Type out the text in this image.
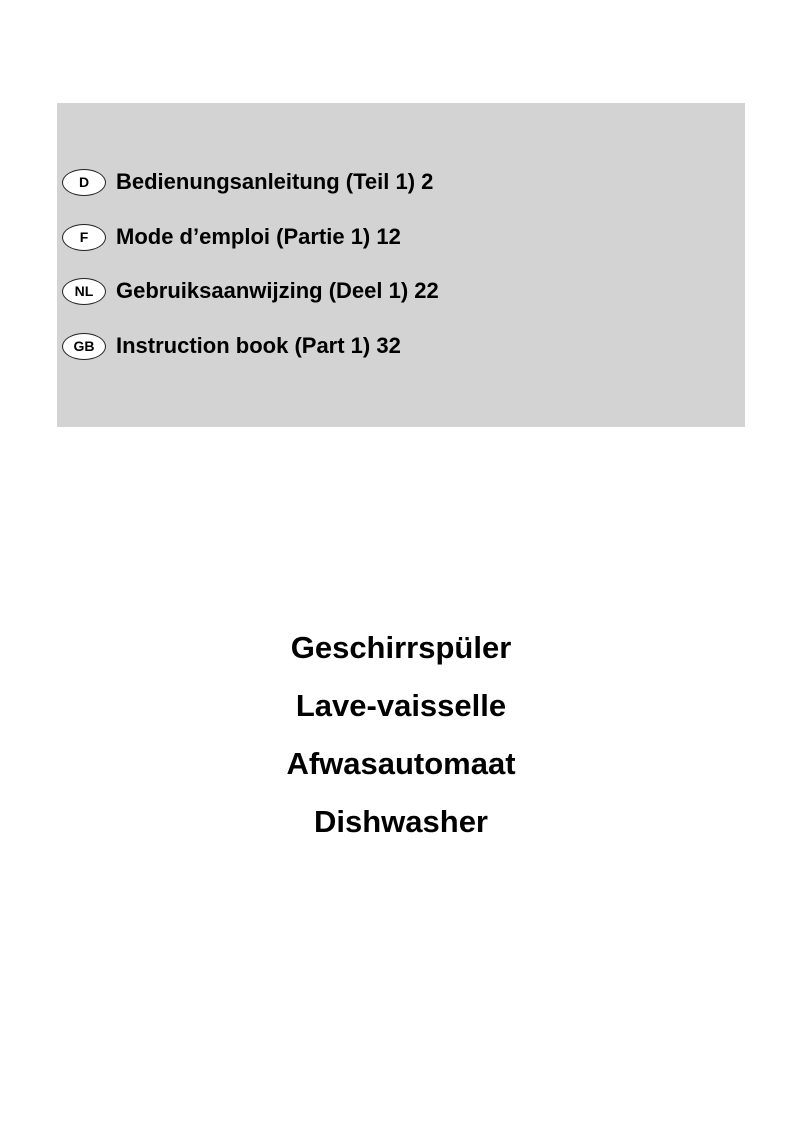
D	Bedienungsanleitung (Teil 1) 2
F	Mode d’emploi (Partie 1) 12
NL	Gebruiksaanwijzing (Deel 1) 22
GB Instruction book (Part 1) 32
Geschirrspüler
Lave-vaisselle
Afwasautomaat
Dishwasher
